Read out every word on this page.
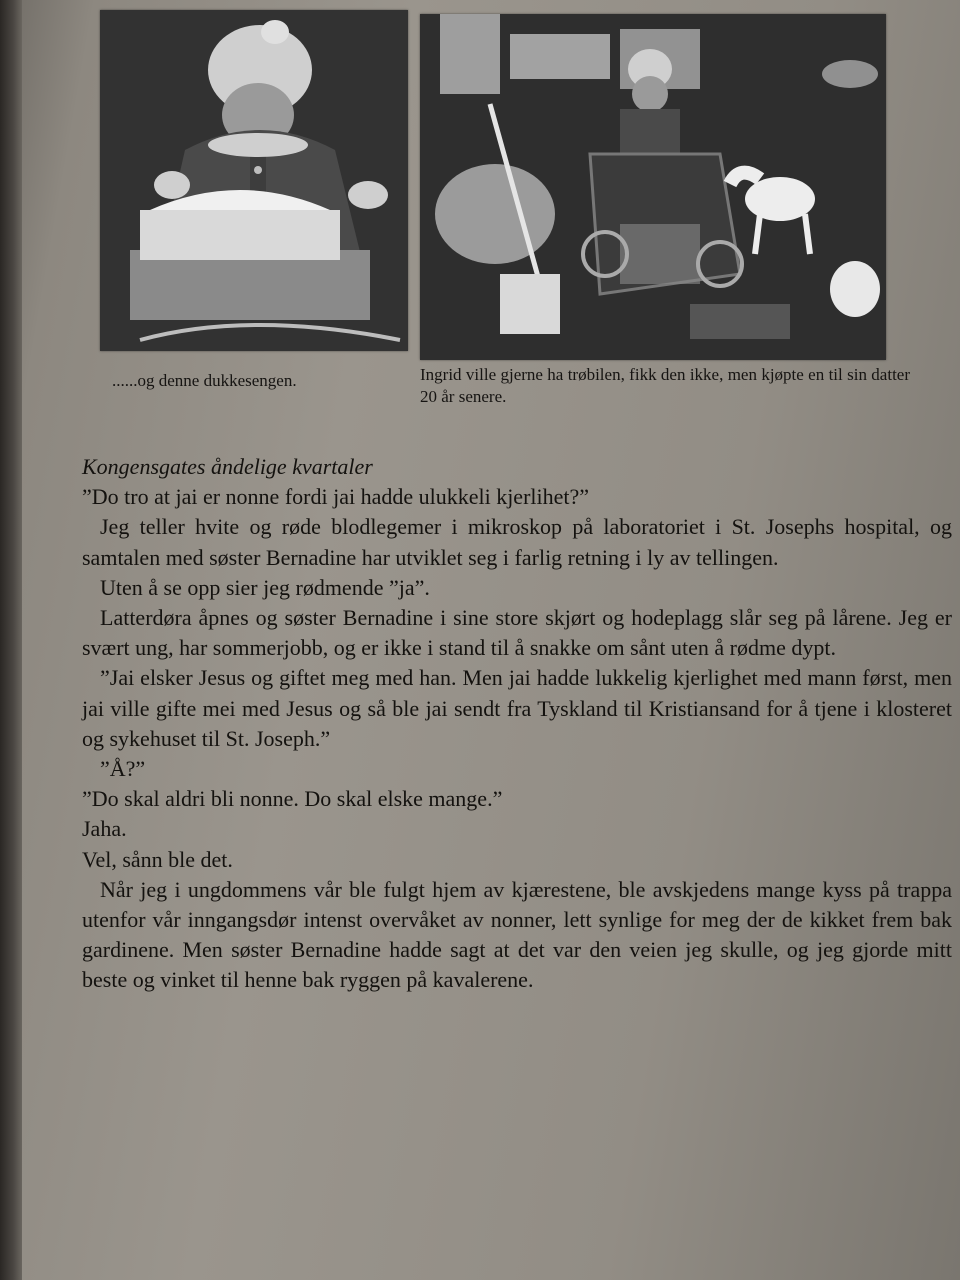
......og denne dukkesengen.	Ingrid ville gjerne ha trøbilen, fikk den ikke, men kjøpte en til sin datter 20 år senere.

Kongensgates åndelige kvartaler

”Do tro at jai er nonne fordi jai hadde ulukkeli kjerlihet?”

Jeg teller hvite og røde blodlegemer i mikroskop på laboratoriet i St. Josephs hospital, og samtalen med søster Bernadine har utviklet seg i farlig retning i ly av tellingen.

Uten å se opp sier jeg rødmende ”ja”.

Latterdøra åpnes og søster Bernadine i sine store skjørt og hodeplagg slår seg på lårene. Jeg er svært ung, har sommerjobb, og er ikke i stand til å snakke om sånt uten å rødme dypt.

”Jai elsker Jesus og giftet meg med han. Men jai hadde lukkelig kjerlighet med mann først, men jai ville gifte mei med Jesus og så ble jai sendt fra Tyskland til Kristiansand for å tjene i klosteret og sykehuset til St. Joseph.”

”Å?”

”Do skal aldri bli nonne. Do skal elske mange.”

Jaha.

Vel, sånn ble det.

Når jeg i ungdommens vår ble fulgt hjem av kjærestene, ble avskjedens mange kyss på trappa utenfor vår inngangsdør intenst overvåket av nonner, lett synlige for meg der de kikket frem bak gardinene. Men søster Bernadine hadde sagt at det var den veien jeg skulle, og jeg gjorde mitt beste og vinket til henne bak ryggen på kavalerene.
